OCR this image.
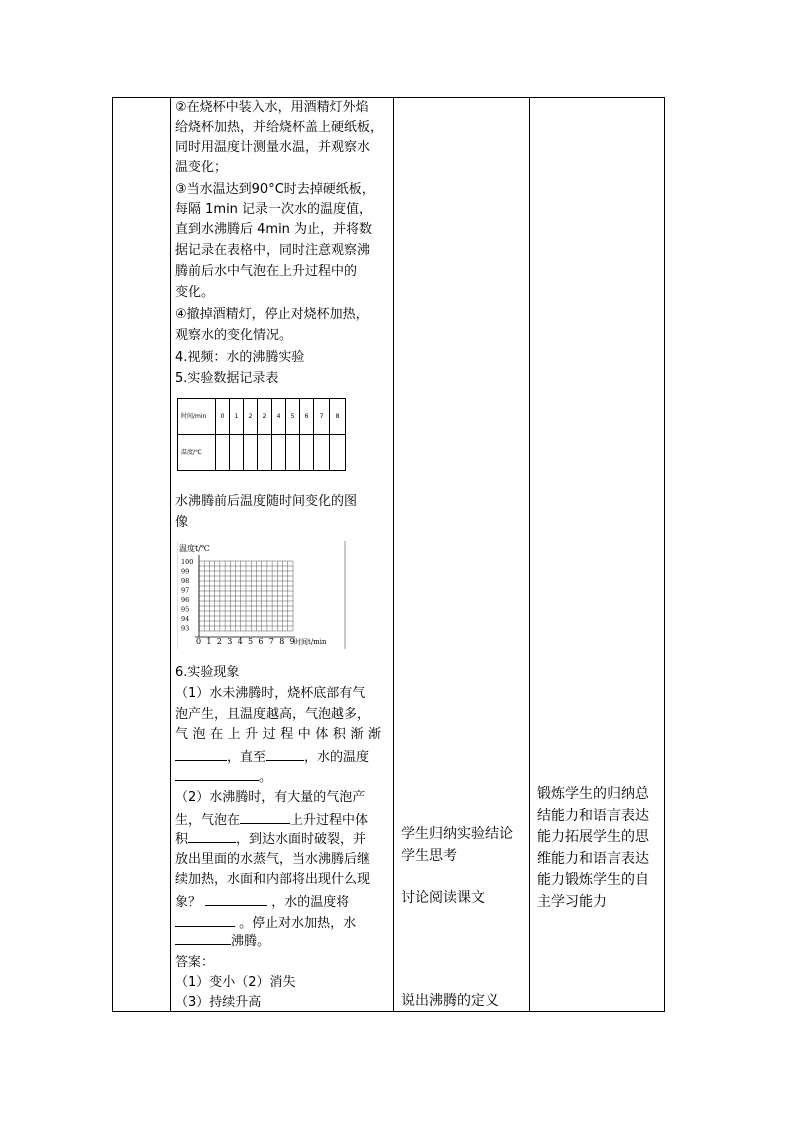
②在烧杯中装入水，用酒精灯外焰
给烧杯加热，并给烧杯盖上硬纸板，
同时用温度计测量水温，并观察水
温变化；
③当水温达到90°C时去掉硬纸板，
每隔 1min 记录一次水的温度值，
直到水沸腾后 4min 为止，并将数
据记录在表格中，同时注意观察沸
腾前后水中气泡在上升过程中的
变化。
④撤掉酒精灯，停止对烧杯加热，
观察水的变化情况。
4.视频：水的沸腾实验
5.实验数据记录表
时间/min	0	1	2	2	4	5	6	7	8
温度/℃									
水沸腾前后温度随时间变化的图
像
100
99
98
97
96
95
94
93
0 1 2 3 4 5 6 7 8 9
温度t/℃
时间t/min
6.实验现象
（1）水未沸腾时，烧杯底部有气
泡产生，且温度越高，气泡越多，
气泡在上升过程中体积渐渐
，直至	，水的温度
。
（2）水沸腾时，有大量的气泡产
生，气泡在	上升过程中体
积	，到达水面时破裂，并
放出里面的水蒸气，当水沸腾后继
续加热，水面和内部将出现什么现
象？	，水的温度将
。停止对水加热，水
沸腾。
答案：
（1）变小（2）消失
（3）持续升高
学生归纳实验结论
学生思考
讨论阅读课文
说出沸腾的定义
锻炼学生的归纳总
结能力和语言表达
能力拓展学生的思
维能力和语言表达
能力锻炼学生的自
主学习能力
